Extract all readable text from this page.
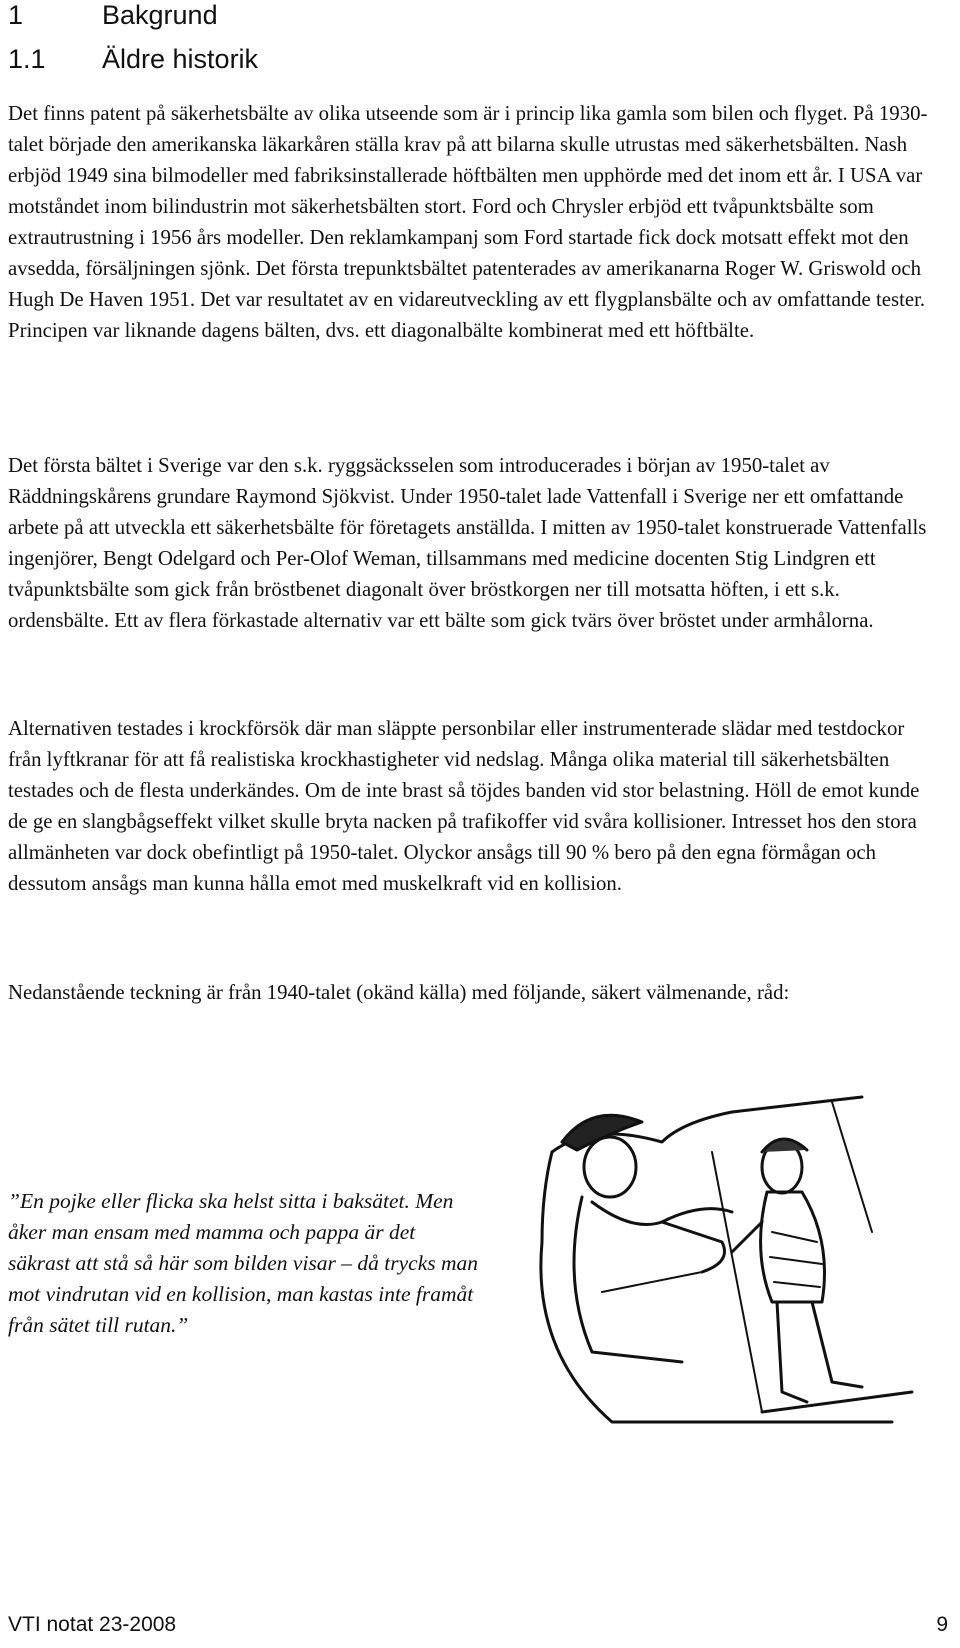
1	Bakgrund
1.1 Äldre historik

Det finns patent på säkerhetsbälte av olika utseende som är i princip lika gamla som bilen och flyget. På 1930-talet började den amerikanska läkarkåren ställa krav på att bilarna skulle utrustas med säkerhetsbälten. Nash erbjöd 1949 sina bilmodeller med fabriksinstallerade höftbälten men upphörde med det inom ett år. I USA var motståndet inom bilindustrin mot säkerhetsbälten stort. Ford och Chrysler erbjöd ett tvåpunktsbälte som extrautrustning i 1956 års modeller. Den reklamkampanj som Ford startade fick dock motsatt effekt mot den avsedda, försäljningen sjönk. Det första trepunktsbältet patenterades av amerikanarna Roger W. Griswold och Hugh De Haven 1951. Det var resultatet av en vidareutveckling av ett flygplansbälte och av omfattande tester. Principen var liknande dagens bälten, dvs. ett diagonalbälte kombinerat med ett höftbälte.

Det första bältet i Sverige var den s.k. ryggsäcksselen som introducerades i början av 1950-talet av Räddningskårens grundare Raymond Sjökvist. Under 1950-talet lade Vattenfall i Sverige ner ett omfattande arbete på att utveckla ett säkerhetsbälte för företagets anställda. I mitten av 1950-talet konstruerade Vattenfalls ingenjörer, Bengt Odelgard och Per-Olof Weman, tillsammans med medicine docenten Stig Lindgren ett tvåpunktsbälte som gick från bröstbenet diagonalt över bröstkorgen ner till motsatta höften, i ett s.k. ordensbälte. Ett av flera förkastade alternativ var ett bälte som gick tvärs över bröstet under armhålorna.

Alternativen testades i krockförsök där man släppte personbilar eller instrumenterade slädar med testdockor från lyftkranar för att få realistiska krockhastigheter vid nedslag. Många olika material till säkerhetsbälten testades och de flesta underkändes. Om de inte brast så töjdes banden vid stor belastning. Höll de emot kunde de ge en slangbågseffekt vilket skulle bryta nacken på trafikoffer vid svåra kollisioner. Intresset hos den stora allmänheten var dock obefintligt på 1950-talet. Olyckor ansågs till 90 % bero på den egna förmågan och dessutom ansågs man kunna hålla emot med muskelkraft vid en kollision.

Nedanstående teckning är från 1940-talet (okänd källa) med följande, säkert välmenande, råd:

”En pojke eller flicka ska helst sitta i baksätet. Men åker man ensam med mamma och pappa är det säkrast att stå så här som bilden visar – då trycks man mot vindrutan vid en kollision, man kastas inte framåt från sätet till rutan.”

VTI notat 23-2008	9
